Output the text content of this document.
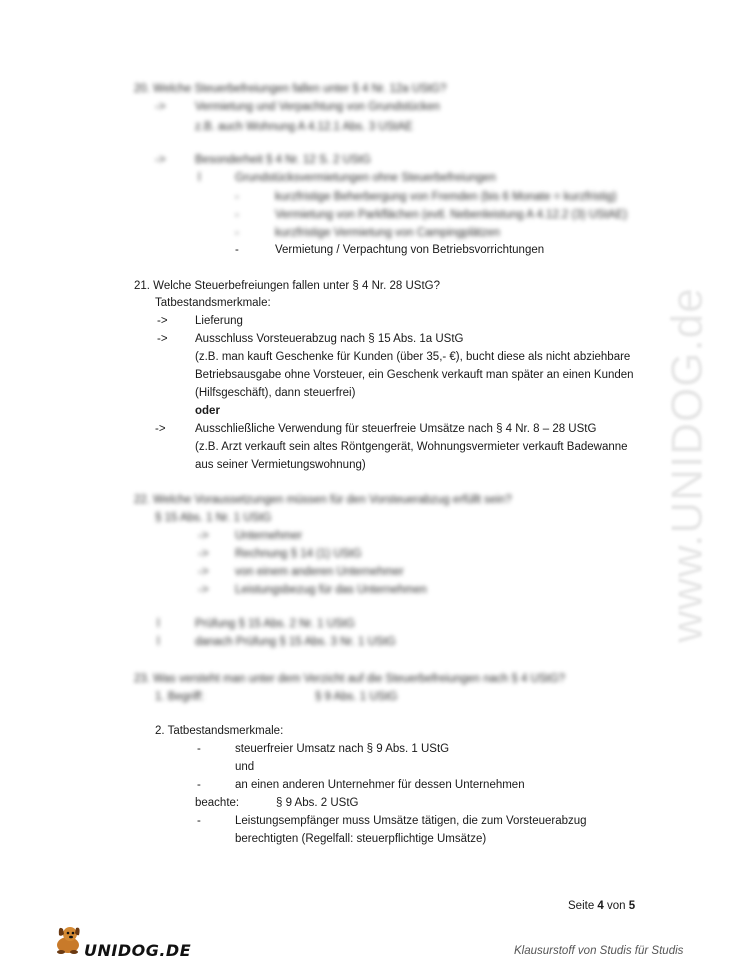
20. Welche Steuerbefreiungen fallen unter § 4 Nr. 12a UStG?
->	Vermietung und Verpachtung von Grundstücken
z.B. auch Wohnung A 4.12.1 Abs. 3 UStAE
->	Besonderheit § 4 Nr. 12 S. 2 UStG
l	Grundstücksvermietungen ohne Steuerbefreiungen
-	kurzfristige Beherbergung von Fremden (bis 6 Monate = kurzfristig)
-	Vermietung von Parkflächen (evtl. Nebenleistung A 4.12.2 (3) UStAE)
-	kurzfristige Vermietung von Campingplätzen
-	Vermietung / Verpachtung von Betriebsvorrichtungen
21. Welche Steuerbefreiungen fallen unter § 4 Nr. 28 UStG?
Tatbestandsmerkmale:
-> Lieferung
-> Ausschluss Vorsteuerabzug nach § 15 Abs. 1a UStG
(z.B. man kauft Geschenke für Kunden (über 35,- €), bucht diese als nicht abziehbare
Betriebsausgabe ohne Vorsteuer, ein Geschenk verkauft man später an einen Kunden
(Hilfsgeschäft), dann steuerfrei)
oder
->	Ausschließliche Verwendung für steuerfreie Umsätze nach § 4 Nr. 8 – 28 UStG
(z.B. Arzt verkauft sein altes Röntgengerät, Wohnungsvermieter verkauft Badewanne
aus seiner Vermietungswohnung)
22. Welche Voraussetzungen müssen für den Vorsteuerabzug erfüllt sein?
§ 15 Abs. 1 Nr. 1 UStG
-> Unternehmer
-> Rechnung § 14 (1) UStG
-> von einem anderen Unternehmer
-> Leistungsbezug für das Unternehmen
l	Prüfung § 15 Abs. 2 Nr. 1 UStG
l	danach Prüfung § 15 Abs. 3 Nr. 1 UStG
23. Was versteht man unter dem Verzicht auf die Steuerbefreiungen nach § 4 UStG?
1. Begriff:	§ 9 Abs. 1 UStG
2. Tatbestandsmerkmale:
-	steuerfreier Umsatz nach § 9 Abs. 1 UStG
und
-	an einen anderen Unternehmer für dessen Unternehmen
beachte:	§ 9 Abs. 2 UStG
-	Leistungsempfänger muss Umsätze tätigen, die zum Vorsteuerabzug
berechtigten (Regelfall: steuerpflichtige Umsätze)
www.UNIDOG.de
Seite 4 von 5
UNIDOG.DE	Klausurstoff von Studis für Studis
